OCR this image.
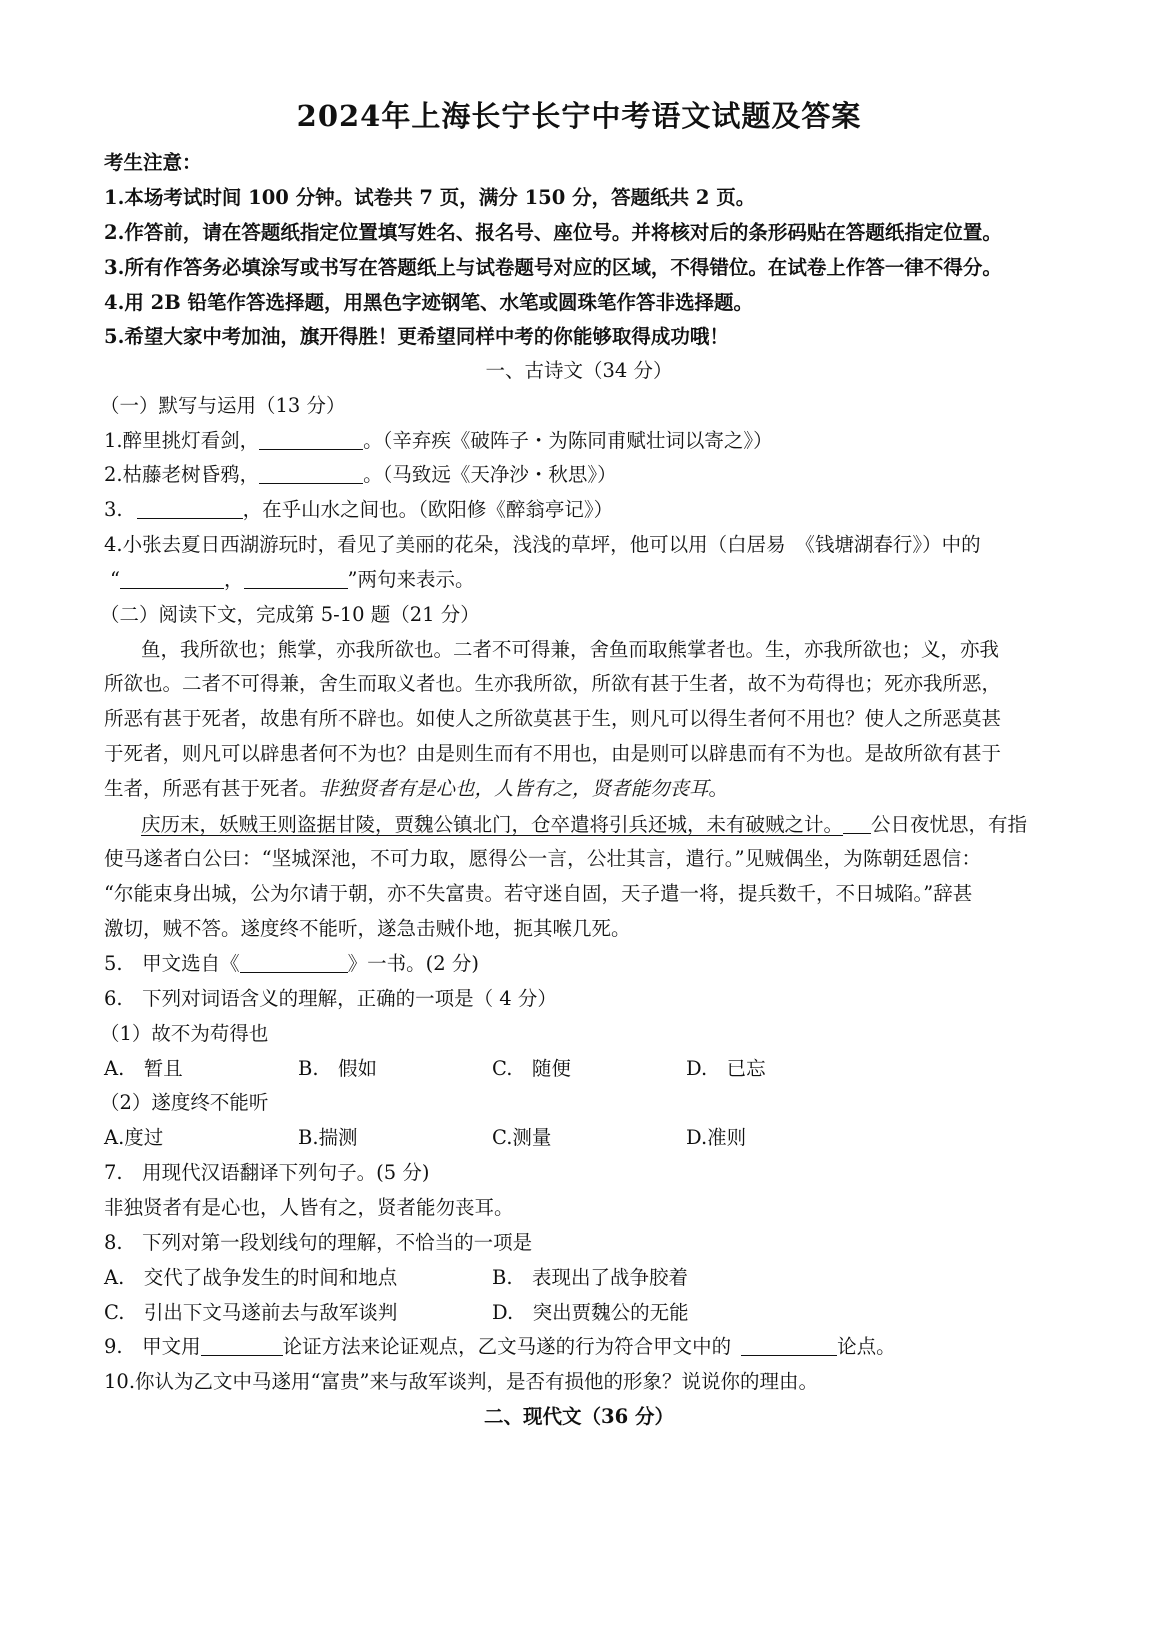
2024年上海长宁长宁中考语文试题及答案
考生注意：
1.本场考试时间 100 分钟。试卷共 7 页，满分 150 分，答题纸共 2 页。
2.作答前，请在答题纸指定位置填写姓名、报名号、座位号。并将核对后的条形码贴在答题纸指定位置。
3.所有作答务必填涂写或书写在答题纸上与试卷题号对应的区域，不得错位。在试卷上作答一律不得分。
4.用 2B 铅笔作答选择题，用黑色字迹钢笔、水笔或圆珠笔作答非选择题。
5.希望大家中考加油，旗开得胜！更希望同样中考的你能够取得成功哦！
一、古诗文（34 分）
（一）默写与运用（13 分）
1.醉里挑灯看剑，	。（辛弃疾《破阵子・为陈同甫赋壮词以寄之》）
2.枯藤老树昏鸦，	。（马致远《天净沙・秋思》）
3.	，在乎山水之间也。（欧阳修《醉翁亭记》）
4.小张去夏日西湖游玩时，看见了美丽的花朵，浅浅的草坪，他可以用（白居易　《钱塘湖春行》）中的
“	，	”两句来表示。
（二）阅读下文，完成第 5-10 题（21 分）
鱼，我所欲也；熊掌，亦我所欲也。二者不可得兼，舍鱼而取熊掌者也。生，亦我所欲也；义，亦我
所欲也。二者不可得兼，舍生而取义者也。生亦我所欲，所欲有甚于生者，故不为苟得也；死亦我所恶，
所恶有甚于死者，故患有所不辟也。如使人之所欲莫甚于生，则凡可以得生者何不用也？使人之所恶莫甚
于死者，则凡可以辟患者何不为也？由是则生而有不用也，由是则可以辟患而有不为也。是故所欲有甚于
生者，所恶有甚于死者。非独贤者有是心也，人皆有之，贤者能勿丧耳。
庆历末，妖贼王则盗据甘陵，贾魏公镇北门，仓卒遣将引兵还城，未有破贼之计。 公日夜忧思，有指
使马遂者白公曰：“坚城深池，不可力取，愿得公一言，公壮其言，遣行。”见贼偶坐，为陈朝廷恩信：
“尔能束身出城，公为尔请于朝，亦不失富贵。若守迷自固，天子遣一将，提兵数千，不日城陷。”辞甚
激切，贼不答。遂度终不能听，遂急击贼仆地，扼其喉几死。
5.　甲文选自《	》一书。(2 分)
6.　下列对词语含义的理解，正确的一项是（ 4 分）
（1）故不为苟得也
A.　暂且	B.　假如	C.　随便	D.　已忘
（2）遂度终不能听
A.度过	B.揣测	C.测量	D.准则
7.　用现代汉语翻译下列句子。(5 分)
非独贤者有是心也，人皆有之，贤者能勿丧耳。
8.　下列对第一段划线句的理解，不恰当的一项是
A.　交代了战争发生的时间和地点	B.　表现出了战争胶着
C.　引出下文马遂前去与敌军谈判	D.　突出贾魏公的无能
9.　甲文用	论证方法来论证观点，乙文马遂的行为符合甲文中的	论点。
10.你认为乙文中马遂用“富贵”来与敌军谈判，是否有损他的形象？说说你的理由。
二、现代文（36 分）
